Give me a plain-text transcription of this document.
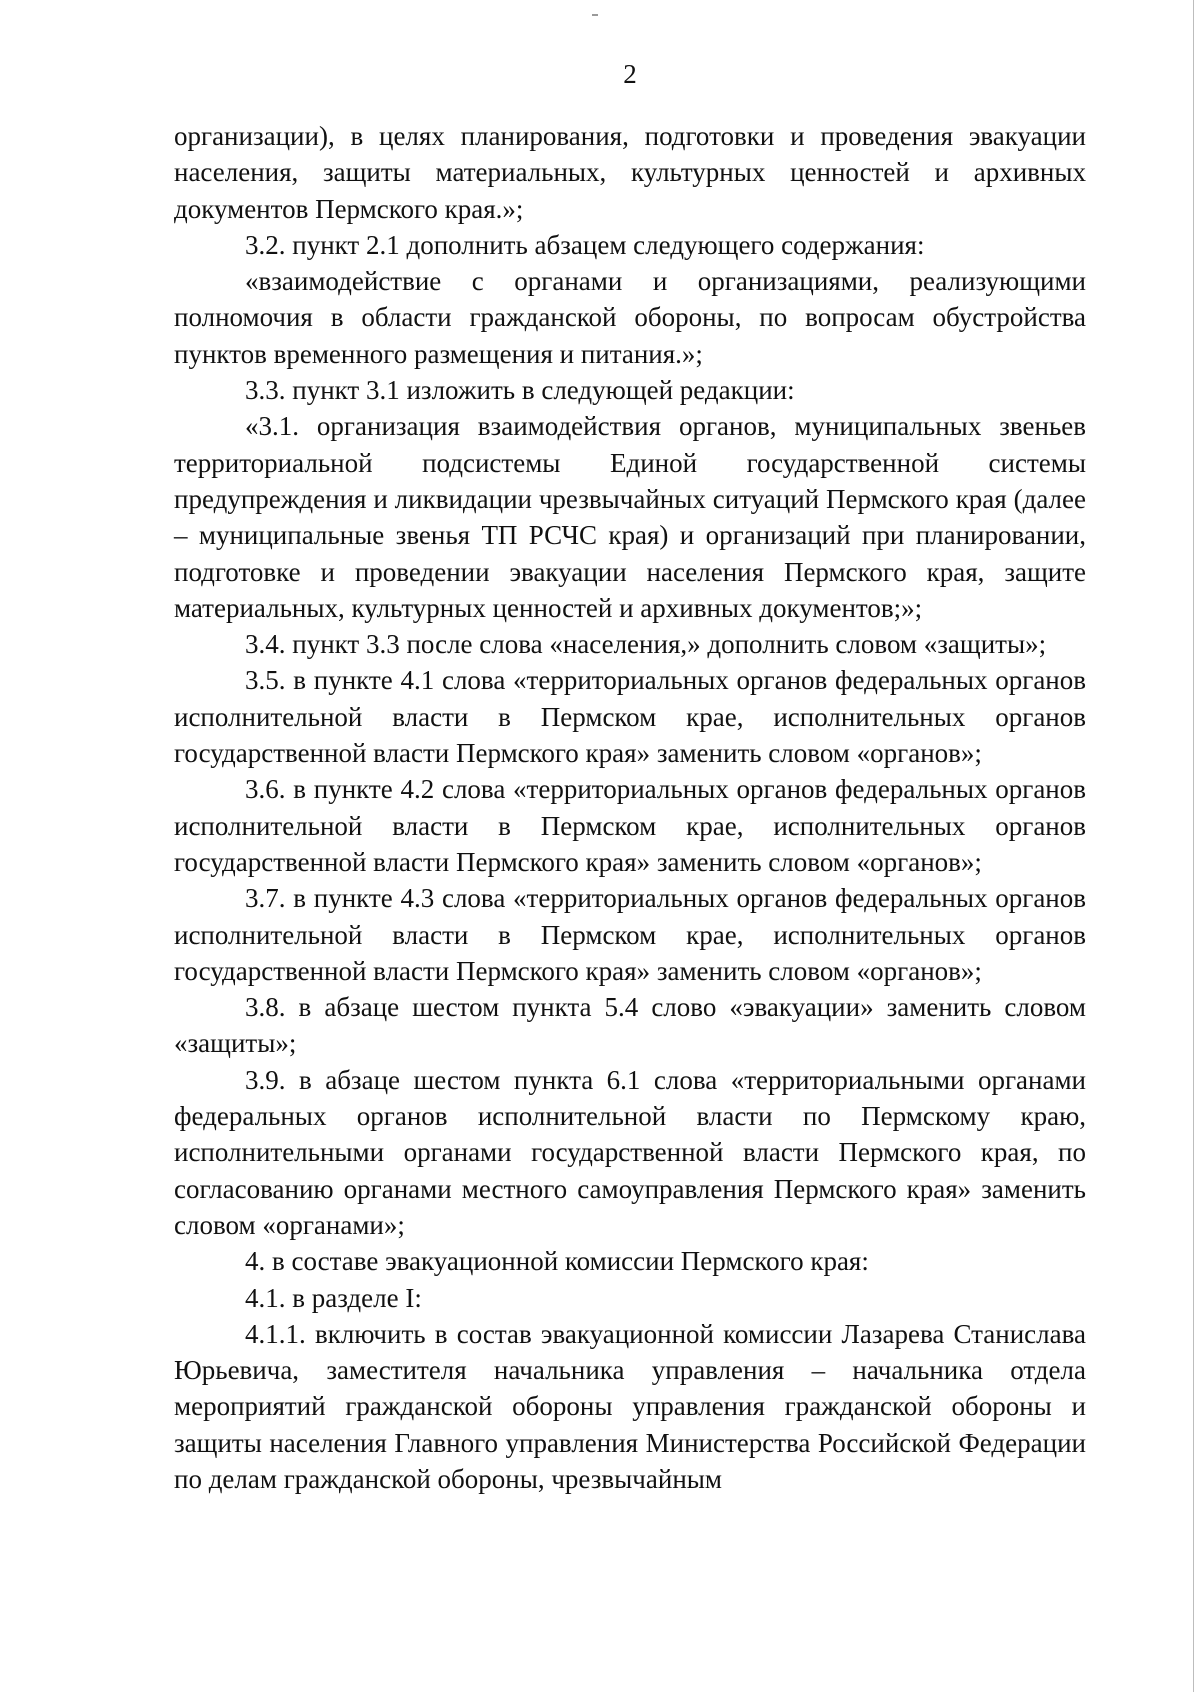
2

организации), в целях планирования, подготовки и проведения эвакуации населения, защиты материальных, культурных ценностей и архивных документов Пермского края.»;

3.2. пункт 2.1 дополнить абзацем следующего содержания:

«взаимодействие с органами и организациями, реализующими полномочия в области гражданской обороны, по вопросам обустройства пунктов временного размещения и питания.»;

3.3. пункт 3.1 изложить в следующей редакции:

«3.1. организация взаимодействия органов, муниципальных звеньев территориальной подсистемы Единой государственной системы предупреждения и ликвидации чрезвычайных ситуаций Пермского края (далее – муниципальные звенья ТП РСЧС края) и организаций при планировании, подготовке и проведении эвакуации населения Пермского края, защите материальных, культурных ценностей и архивных документов;»;

3.4. пункт 3.3 после слова «населения,» дополнить словом «защиты»;

3.5. в пункте 4.1 слова «территориальных органов федеральных органов исполнительной власти в Пермском крае, исполнительных органов государственной власти Пермского края» заменить словом «органов»;

3.6. в пункте 4.2 слова «территориальных органов федеральных органов исполнительной власти в Пермском крае, исполнительных органов государственной власти Пермского края» заменить словом «органов»;

3.7. в пункте 4.3 слова «территориальных органов федеральных органов исполнительной власти в Пермском крае, исполнительных органов государственной власти Пермского края» заменить словом «органов»;

3.8. в абзаце шестом пункта 5.4 слово «эвакуации» заменить словом «защиты»;

3.9. в абзаце шестом пункта 6.1 слова «территориальными органами федеральных органов исполнительной власти по Пермскому краю, исполнительными органами государственной власти Пермского края, по согласованию органами местного самоуправления Пермского края» заменить словом «органами»;

4. в составе эвакуационной комиссии Пермского края:

4.1. в разделе I:

4.1.1. включить в состав эвакуационной комиссии Лазарева Станислава Юрьевича, заместителя начальника управления – начальника отдела мероприятий гражданской обороны управления гражданской обороны и защиты населения Главного управления Министерства Российской Федерации по делам гражданской обороны, чрезвычайным
